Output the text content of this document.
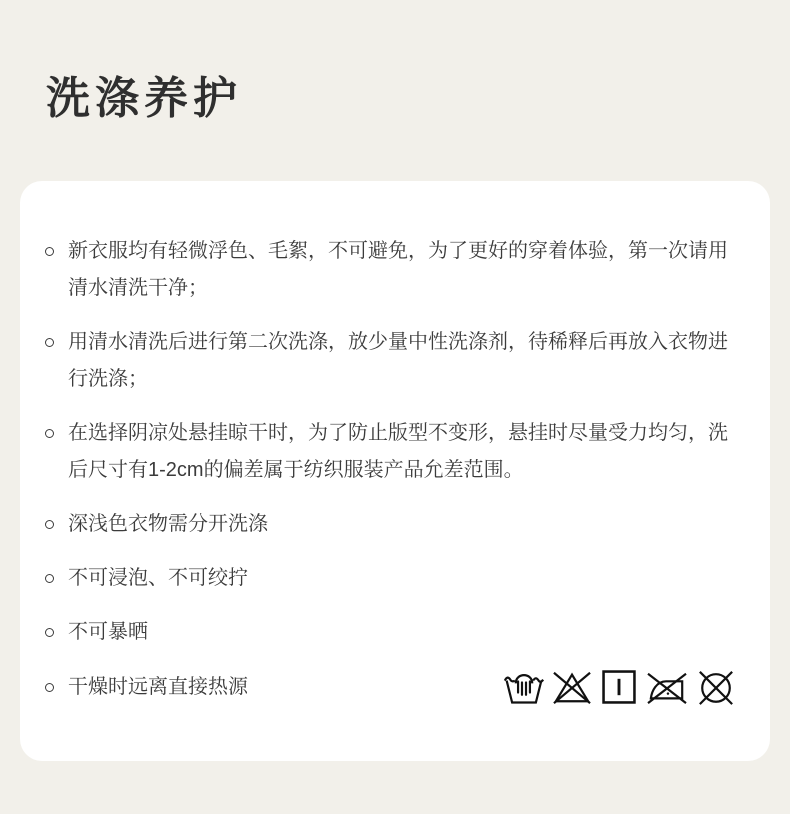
洗涤养护
新衣服均有轻微浮色、毛絮，不可避免，为了更好的穿着体验，第一次请用清水清洗干净；
用清水清洗后进行第二次洗涤，放少量中性洗涤剂，待稀释后再放入衣物进行洗涤；
在选择阴凉处悬挂晾干时，为了防止版型不变形，悬挂时尽量受力均匀，洗后尺寸有1-2cm的偏差属于纺织服装产品允差范围。
深浅色衣物需分开洗涤
不可浸泡、不可绞拧
不可暴晒
干燥时远离直接热源
